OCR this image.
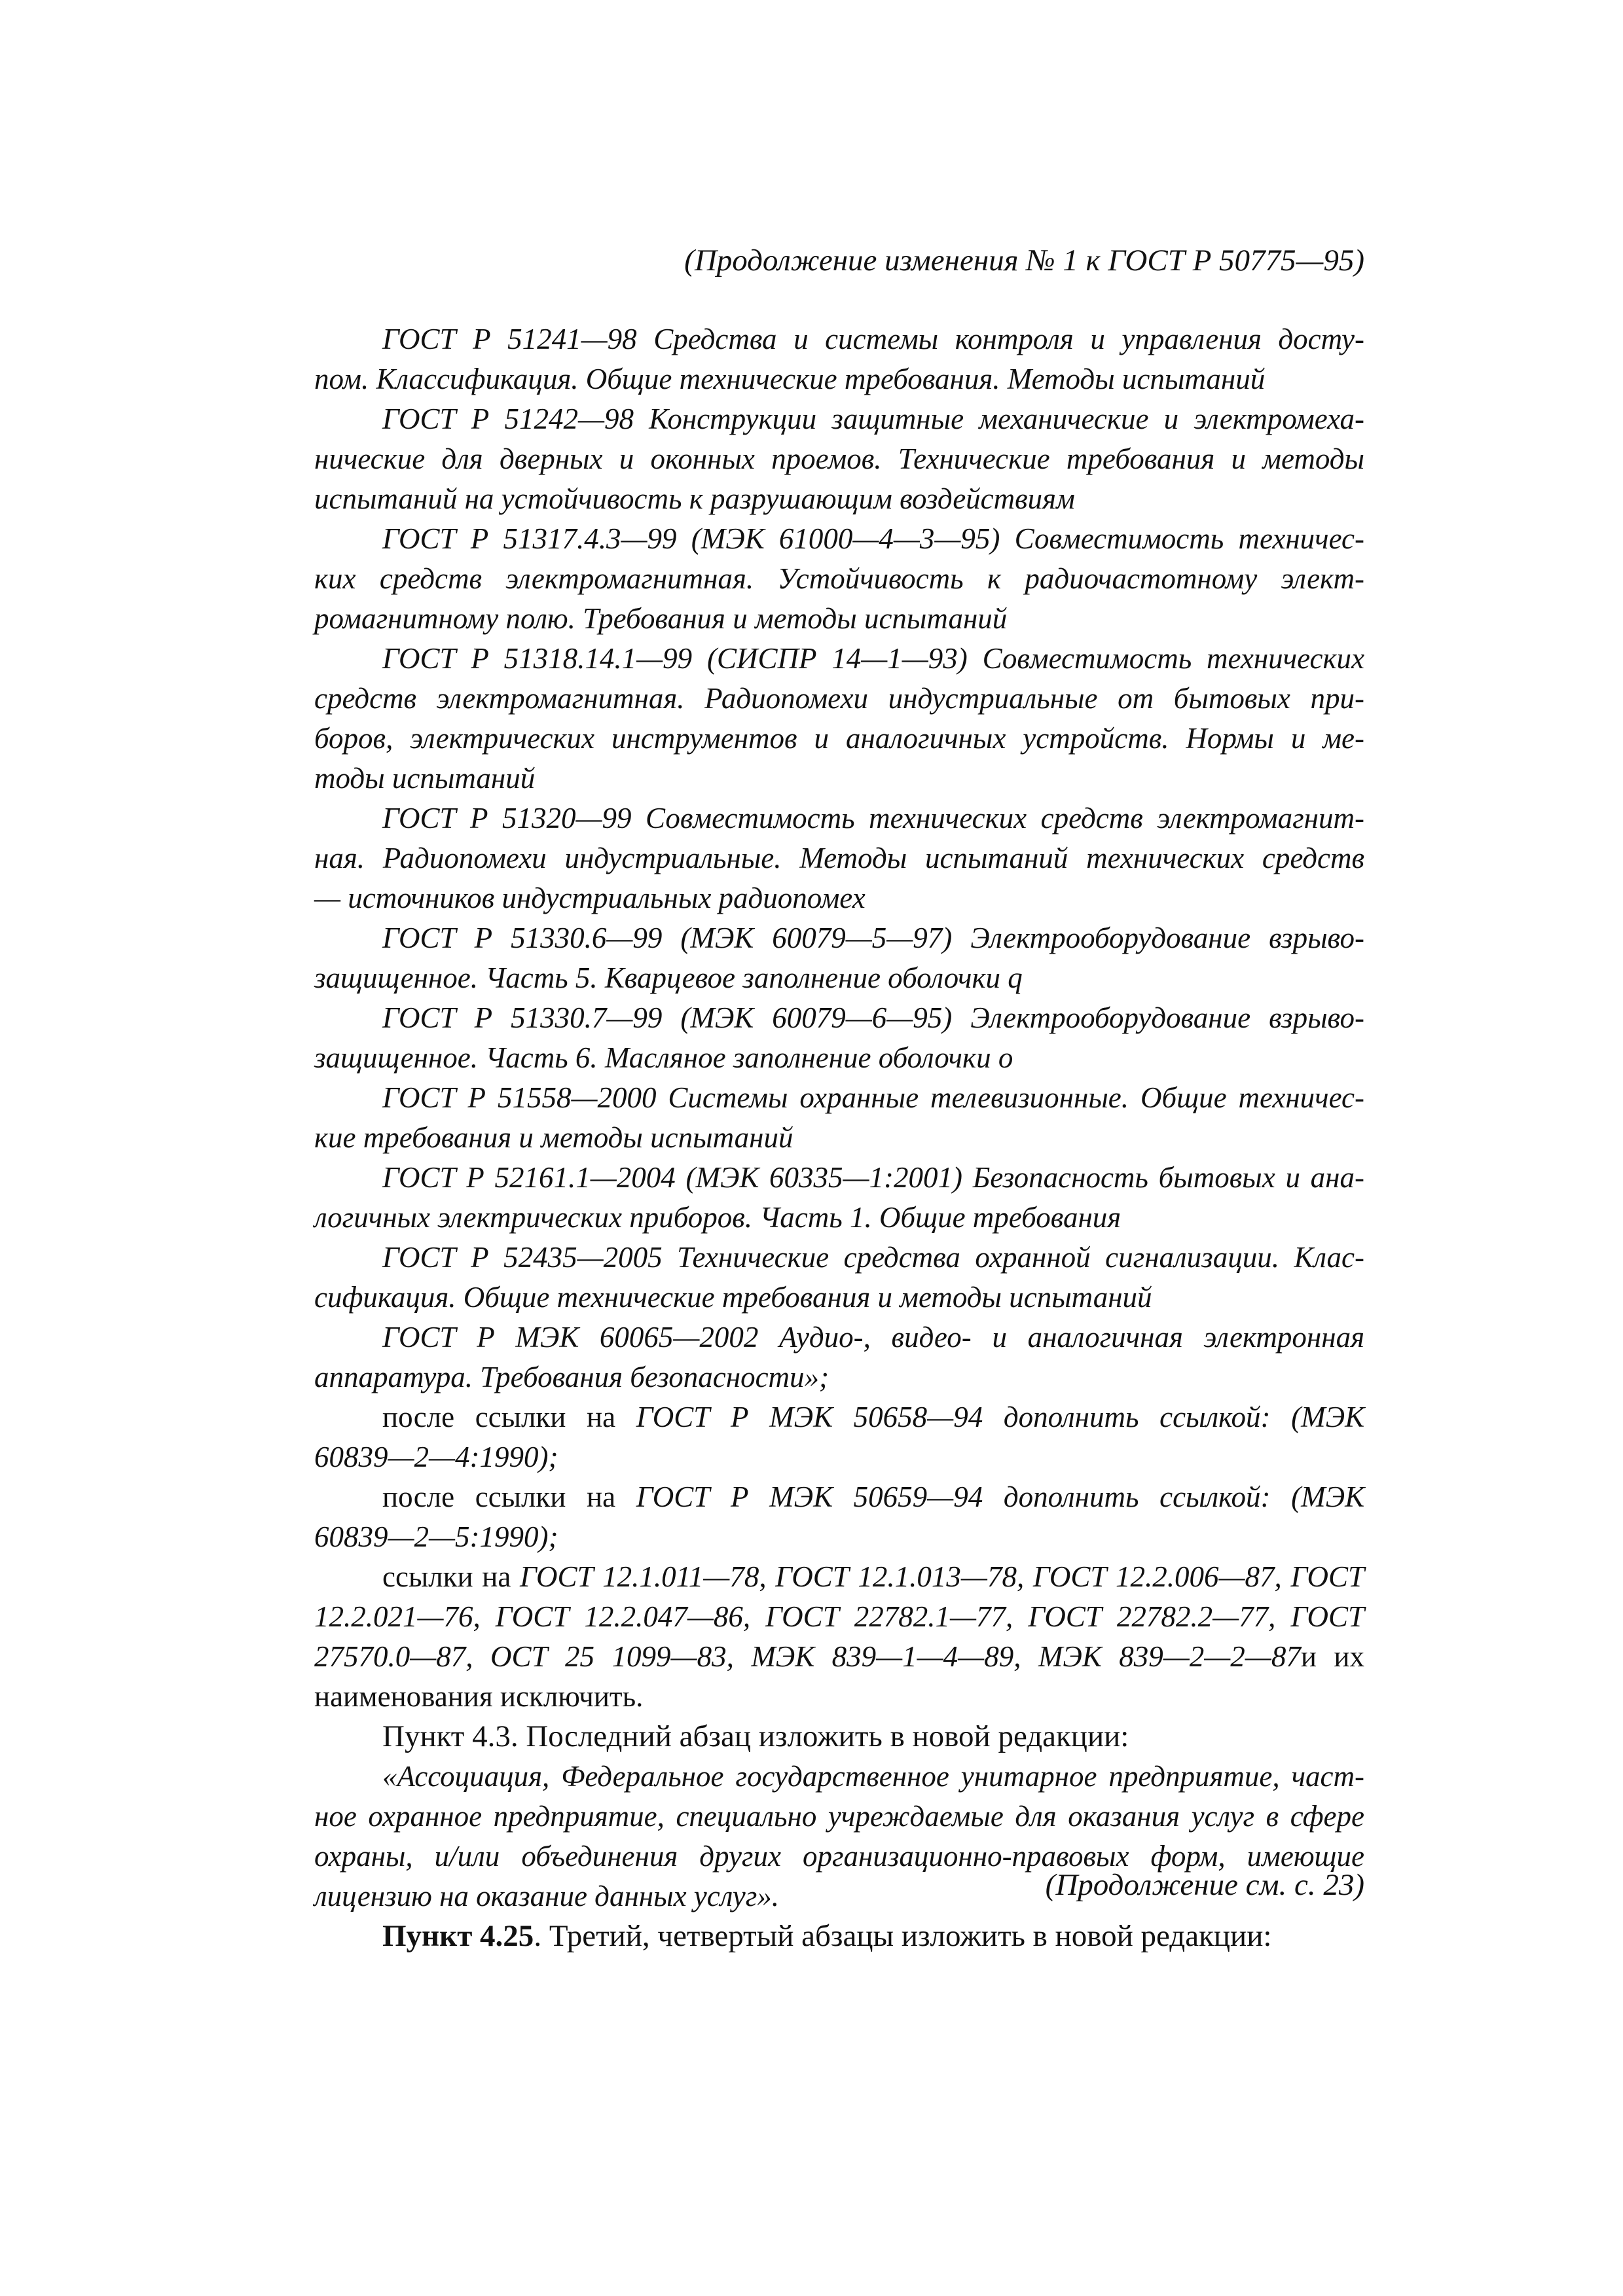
(Продолжение изменения № 1 к ГОСТ Р 50775—95)

ГОСТ Р 51241—98 Средства и системы контроля и управления досту-
пом. Классификация. Общие технические требования. Методы испытаний

ГОСТ Р 51242—98 Конструкции защитные механические и электромеха-
нические для дверных и оконных проемов. Технические требования и методы
испытаний на устойчивость к разрушающим воздействиям

ГОСТ Р 51317.4.3—99 (МЭК 61000—4—3—95) Совместимость техничес-
ких средств электромагнитная. Устойчивость к радиочастотному элект-
ромагнитному полю. Требования и методы испытаний

ГОСТ Р 51318.14.1—99 (СИСПР 14—1—93) Совместимость технических
средств электромагнитная. Радиопомехи индустриальные от бытовых при-
боров, электрических инструментов и аналогичных устройств. Нормы и ме-
тоды испытаний

ГОСТ Р 51320—99 Совместимость технических средств электромагнит-
ная. Радиопомехи индустриальные. Методы испытаний технических средств
— источников индустриальных радиопомех

ГОСТ Р 51330.6—99 (МЭК 60079—5—97) Электрооборудование взрыво-
защищенное. Часть 5. Кварцевое заполнение оболочки q

ГОСТ Р 51330.7—99 (МЭК 60079—6—95) Электрооборудование взрыво-
защищенное. Часть 6. Масляное заполнение оболочки о

ГОСТ Р 51558—2000 Системы охранные телевизионные. Общие техничес-
кие требования и методы испытаний

ГОСТ Р 52161.1—2004 (МЭК 60335—1:2001) Безопасность бытовых и ана-
логичных электрических приборов. Часть 1. Общие требования

ГОСТ Р 52435—2005 Технические средства охранной сигнализации. Клас-
сификация. Общие технические требования и методы испытаний

ГОСТ Р МЭК 60065—2002 Аудио-, видео- и аналогичная электронная
аппаратура. Требования безопасности»;

после ссылки на ГОСТ Р МЭК 50658—94 дополнить ссылкой: (МЭК
60839—2—4:1990);

после ссылки на ГОСТ Р МЭК 50659—94 дополнить ссылкой: (МЭК
60839—2—5:1990);

ссылки на ГОСТ 12.1.011—78, ГОСТ 12.1.013—78, ГОСТ 12.2.006—87, ГОСТ
12.2.021—76, ГОСТ 12.2.047—86, ГОСТ 22782.1—77, ГОСТ 22782.2—77, ГОСТ
27570.0—87, ОСТ 25 1099—83, МЭК 839—1—4—89, МЭК 839—2—2—87и их
наименования исключить.

Пункт 4.3. Последний абзац изложить в новой редакции:

«Ассоциация, Федеральное государственное унитарное предприятие, част-
ное охранное предприятие, специально учреждаемые для оказания услуг в сфере
охраны, и/или объединения других организационно-правовых форм, имеющие
лицензию на оказание данных услуг».

Пункт 4.25. Третий, четвертый абзацы изложить в новой редакции:

(Продолжение см. с. 23)
